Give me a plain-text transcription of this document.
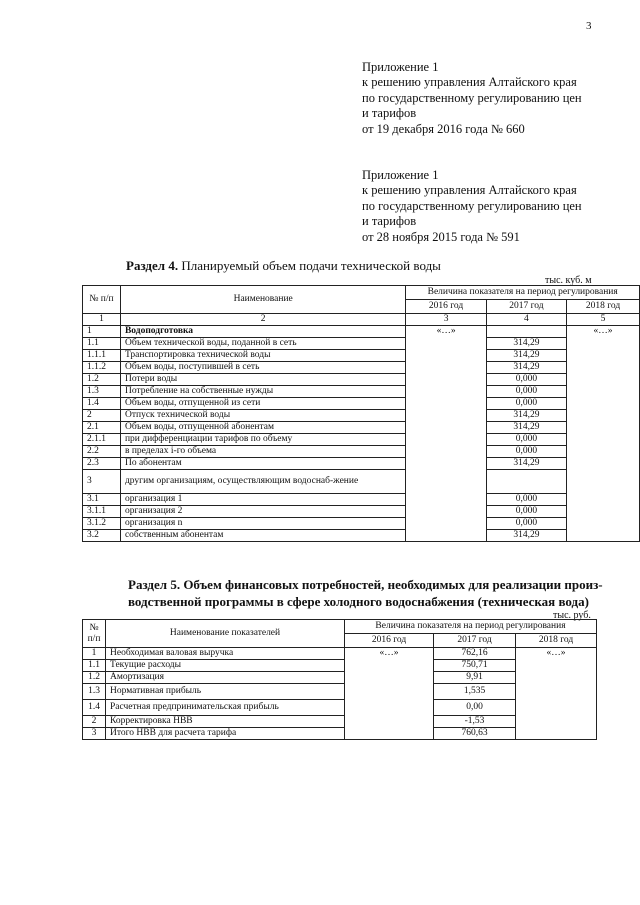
3
Приложение 1
к решению управления Алтайского края
по государственному регулированию цен
и тарифов
от 19 декабря 2016 года № 660
Приложение 1
к решению управления Алтайского края
по государственному регулированию цен
и тарифов
от 28 ноября 2015 года № 591
Раздел 4. Планируемый объем подачи технической воды
тыс. куб. м
№ п/п	Наименование	Величина показателя на период регулирования		
		2016 год	2017 год	2018 год
1	2	3	4	5
1	Водоподготовка	«…»		«…»
1.1	Объем технической воды, поданной в сеть		314,29	
1.1.1	Транспортировка технической воды		314,29	
1.1.2	Объем воды, поступившей в сеть		314,29	
1.2	Потери воды		0,000	
1.3	Потребление на собственные нужды		0,000	
1.4	Объем воды, отпущенной из сети		0,000	
2	Отпуск технической воды		314,29	
2.1	Объем воды, отпущенной абонентам		314,29	
2.1.1	при дифференциации тарифов по объему		0,000	
2.2	в пределах i-го объема		0,000	
2.3	По абонентам		314,29	
3	другим организациям, осуществляющим водоснаб-жение			
3.1	организация 1		0,000	
3.1.1	организация 2		0,000	
3.1.2	организация n		0,000	
3.2	собственным абонентам		314,29	
Раздел 5. Объем финансовых потребностей, необходимых для реализации произ-
водственной программы в сфере холодного водоснабжения (техническая вода)
тыс. руб.
№
п/п	Наименование показателей	Величина показателя на период регулирования		
		2016 год	2017 год	2018 год
1	Необходимая валовая выручка	«…»	762,16	«…»
1.1	Текущие расходы		750,71	
1.2	Амортизация		9,91	
1.3	Нормативная прибыль		1,535	
1.4	Расчетная предпринимательская прибыль		0,00	
2	Корректировка НВВ		-1,53	
3	Итого НВВ для расчета тарифа		760,63	
